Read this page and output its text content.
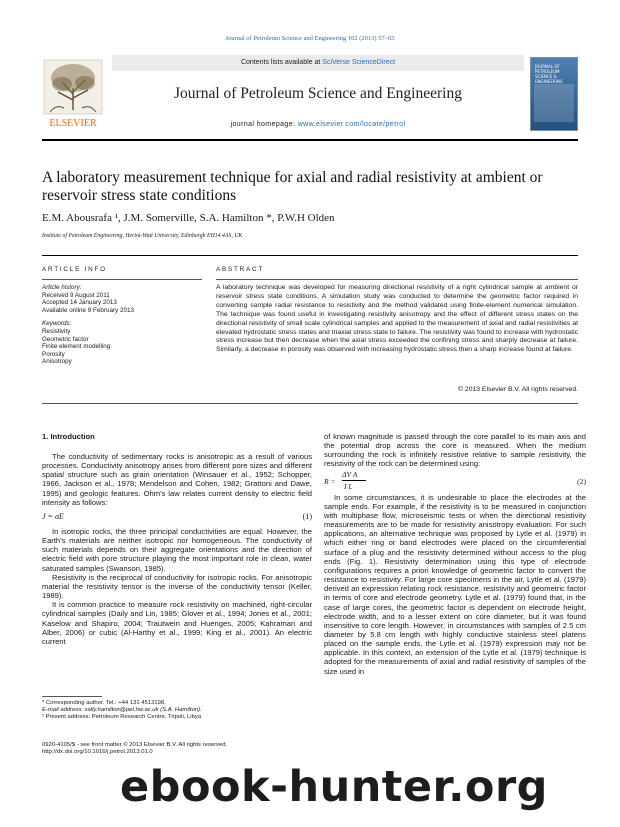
Journal of Petroleum Science and Engineering 102 (2013) 57–65
ELSEVIER
Contents lists available at SciVerse ScienceDirect
Journal of Petroleum Science and Engineering
journal homepage: www.elsevier.com/locate/petrol
JOURNAL OF PETROLEUM SCIENCE & ENGINEERING
A laboratory measurement technique for axial and radial resistivity at ambient or reservoir stress state conditions
E.M. Abousrafa ¹, J.M. Somerville, S.A. Hamilton *, P.W.H Olden
Institute of Petroleum Engineering, Heriot-Watt University, Edinburgh EH14 4AS, UK
ARTICLE INFO
Article history:
Received 9 August 2011
Accepted 14 January 2013
Available online 9 February 2013
Keywords:
Resistivity
Geometric factor
Finite element modelling
Porosity
Anisotropy
ABSTRACT
A laboratory technique was developed for measuring directional resistivity of a right cylindrical sample at ambient or reservoir stress state conditions. A simulation study was conducted to determine the geometric factor required in converting sample radial resistance to resistivity and the method validated using finite-element numerical simulation. The technique was found useful in investigating resistivity anisotropy and the effect of different stress states on the directional resistivity of small scale cylindrical samples and applied to the measurement of axial and radial resistivities at elevated hydrostatic stress states and triaxial stress state to failure. The resistivity was found to increase with hydrostatic stress increase but then decrease when the axial stress exceeded the confining stress and sharply decrease at failure. Similarly, a decrease in porosity was observed with increasing hydrostatic stress then a sharp increase found at failure.
© 2013 Elsevier B.V. All rights reserved.
1. Introduction

The conductivity of sedimentary rocks is anisotropic as a result of various processes. Conductivity anisotropy arises from different pore sizes and different spatial structure such as grain orientation (Winsauer et al., 1952; Schopper, 1966, Jackson et al., 1978; Mendelson and Cohen, 1982; Grattoni and Dawe, 1995) and geologic features. Ohm’s law relates current density to electric field intensity as follows:

J = σE	(1)

In isotropic rocks, the three principal conductivities are equal. However, the Earth’s materials are neither isotropic nor homogeneous. The conductivity of such materials depends on their aggregate orientations and the direction of electric field with pore structure playing the most important role in clean, water saturated samples (Swanson, 1985).

Resistivity is the reciprocal of conductivity for isotropic rocks. For anisotropic material the resistivity tensor is the inverse of the conductivity tensor (Keller, 1989).

It is common practice to measure rock resistivity on machined, right-circular cylindrical samples (Daily and Lin, 1985; Glover et al., 1994; Jones et al., 2001; Kaselow and Shapiro, 2004; Trautwein and Huenges, 2005; Kahraman and Alber, 2006) or cubic (Al-Harthy et al., 1999; King et al., 2001). An electric current

of known magnitude is passed through the core parallel to its main axis and the potential drop across the core is measured. When the medium surrounding the rock is infinitely resistive relative to sample resistivity, the resistivity of the rock can be determined using:

R =
ΔV A
I L
(2)

In some circumstances, it is undesirable to place the electrodes at the sample ends. For example, if the resistivity is to be measured in conjunction with multiphase flow, microseismic tests or when the directional resistivity measurements are to be made for resistivity anisotropy evaluation. For such applications, an alternative technique was proposed by Lytle et al. (1979) in which either ring or band electrodes were placed on the circumferential surface of a plug and the resistivity determined without access to the plug ends (Fig. 1). Resistivity determination using this type of electrode configurations requires a priori knowledge of geometric factor to convert the resistance to resistivity. For large core specimens in the air, Lytle et al. (1979) derived an expression relating rock resistance, resistivity and geometric factor in terms of core and electrode geometry. Lytle et al. (1979) found that, in the case of large cores, the geometric factor is dependent on electrode height, electrode width, and to a lesser extent on core diameter, but it was found insensitive to core length. However, in circumstances with samples of 2.5 cm diameter by 5.8 cm length with highly conductive stainless steel platens placed on the sample ends, the Lytle et al. (1979) expression may not be applicable. In this context, an extension of the Lytle et al. (1979) technique is adopted for the measurements of axial and radial resistivity of samples of the size used in

* Corresponding author. Tel.: +44 131 4513198.
E-mail address: sally.hamilton@pet.hw.ac.uk (S.A. Hamilton).
¹ Present address: Petroleum Research Centre, Tripoli, Libya
0920-4105/$ - see front matter © 2013 Elsevier B.V. All rights reserved.
http://dx.doi.org/10.1016/j.petrol.2013.01.0
ebook-hunter.org
